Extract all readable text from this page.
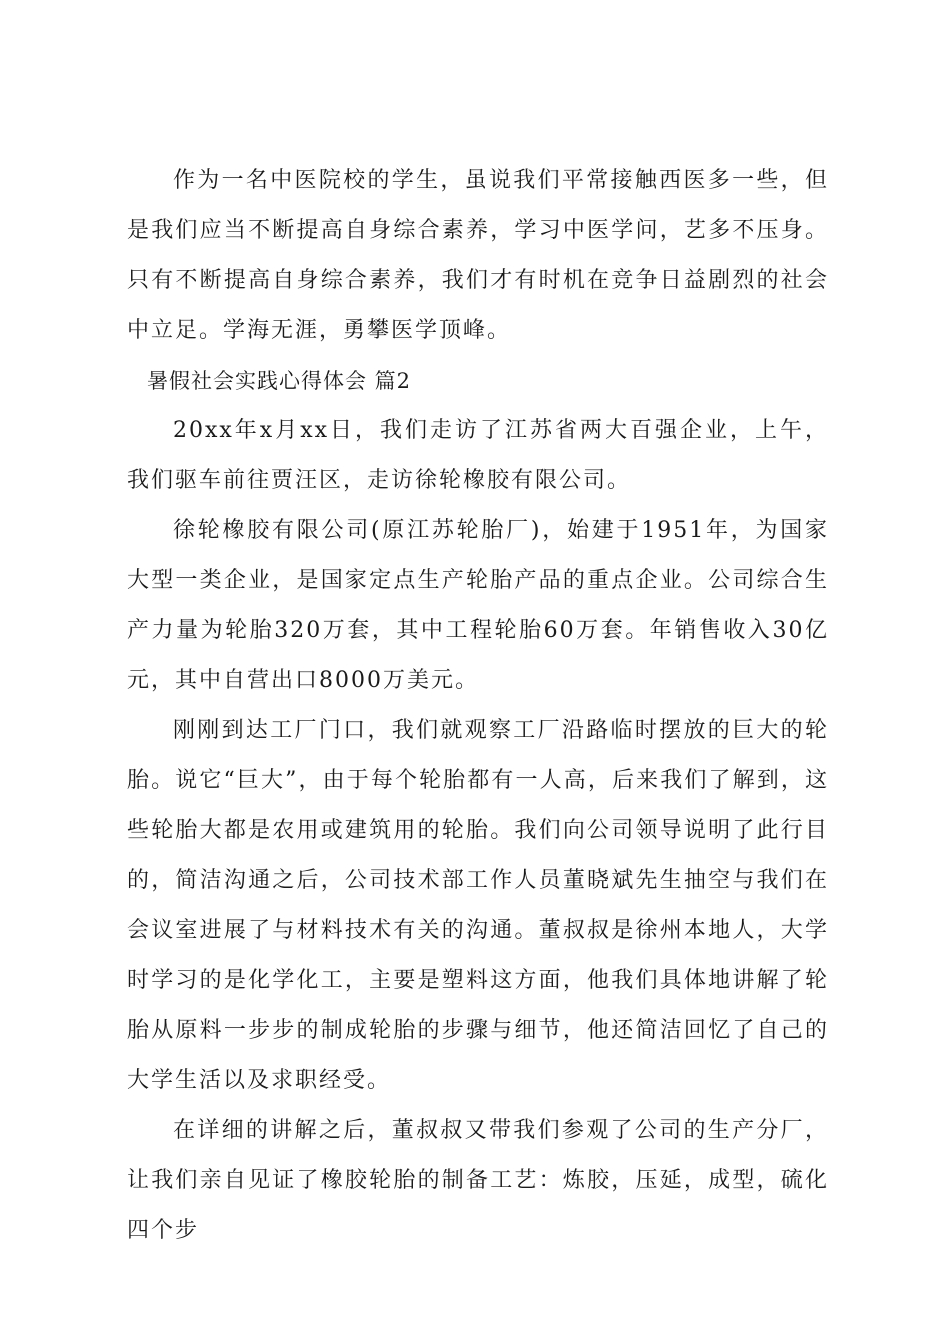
作为一名中医院校的学生，虽说我们平常接触西医多一些，但是我们应当不断提高自身综合素养，学习中医学问，艺多不压身。只有不断提高自身综合素养，我们才有时机在竞争日益剧烈的社会中立足。学海无涯，勇攀医学顶峰。

暑假社会实践心得体会 篇2

20xx年x月xx日，我们走访了江苏省两大百强企业，上午，我们驱车前往贾汪区，走访徐轮橡胶有限公司。

徐轮橡胶有限公司(原江苏轮胎厂)，始建于1951年，为国家大型一类企业，是国家定点生产轮胎产品的重点企业。公司综合生产力量为轮胎320万套，其中工程轮胎60万套。年销售收入30亿元，其中自营出口8000万美元。

刚刚到达工厂门口，我们就观察工厂沿路临时摆放的巨大的轮胎。说它“巨大”，由于每个轮胎都有一人高，后来我们了解到，这些轮胎大都是农用或建筑用的轮胎。我们向公司领导说明了此行目的，简洁沟通之后，公司技术部工作人员董晓斌先生抽空与我们在会议室进展了与材料技术有关的沟通。董叔叔是徐州本地人，大学时学习的是化学化工，主要是塑料这方面，他我们具体地讲解了轮胎从原料一步步的制成轮胎的步骤与细节，他还简洁回忆了自己的大学生活以及求职经受。

在详细的讲解之后，董叔叔又带我们参观了公司的生产分厂，让我们亲自见证了橡胶轮胎的制备工艺：炼胶，压延，成型，硫化四个步
